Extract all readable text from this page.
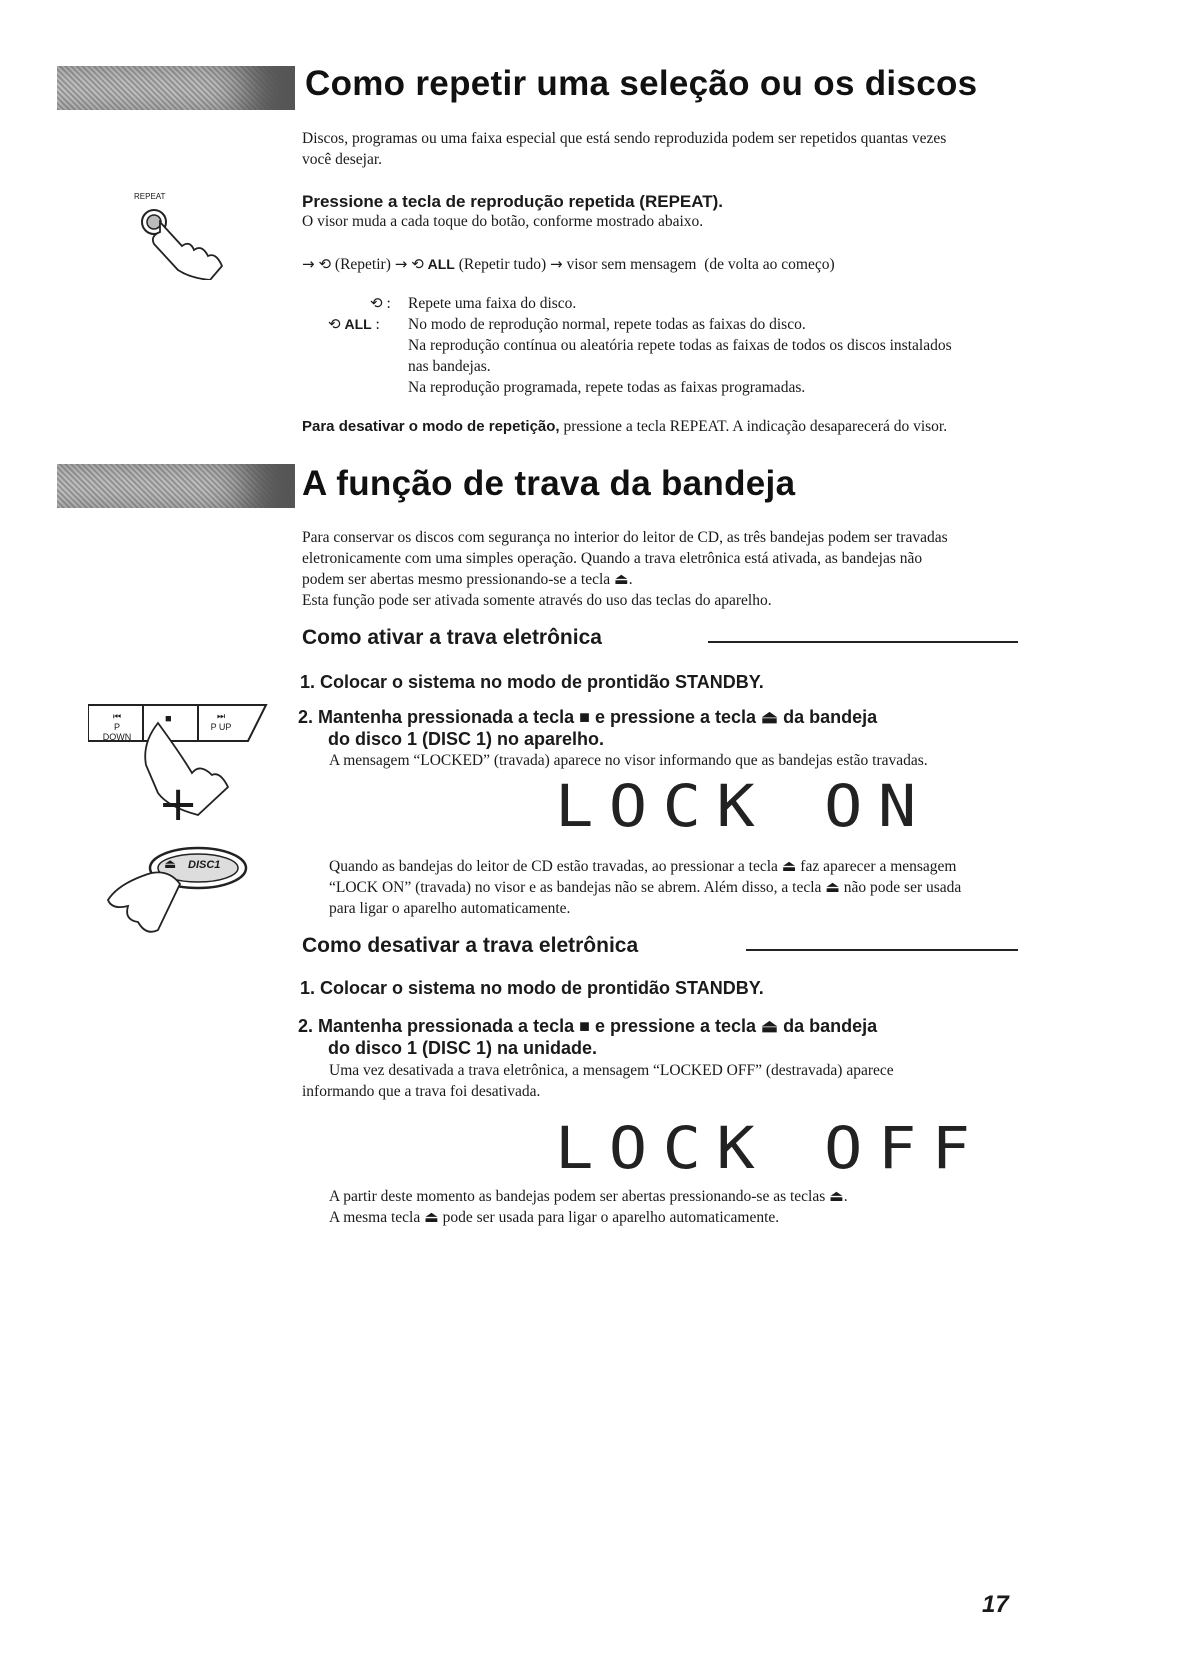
Como repetir uma seleção ou os discos
Discos, programas ou uma faixa especial que está sendo reproduzida podem ser repetidos quantas vezes
você desejar.
REPEAT	Pressione a tecla de reprodução repetida (REPEAT).
O visor muda a cada toque do botão, conforme mostrado abaixo.
→ ⟲ (Repetir) → ⟲ ALL (Repetir tudo) → visor sem mensagem (de volta ao começo)
⟲ : Repete uma faixa do disco.
⟲ ALL : No modo de reprodução normal, repete todas as faixas do disco.
Na reprodução contínua ou aleatória repete todas as faixas de todos os discos instalados
nas bandejas.
Na reprodução programada, repete todas as faixas programadas.
Para desativar o modo de repetição, pressione a tecla REPEAT. A indicação desaparecerá do visor.
A função de trava da bandeja
Para conservar os discos com segurança no interior do leitor de CD, as três bandejas podem ser travadas
eletronicamente com uma simples operação. Quando a trava eletrônica está ativada, as bandejas não
podem ser abertas mesmo pressionando-se a tecla ⏏.
Esta função pode ser ativada somente através do uso das teclas do aparelho.
Como ativar a trava eletrônica
1. Colocar o sistema no modo de prontidão STANDBY.
2. Mantenha pressionada a tecla ■ e pressione a tecla ⏏ da bandeja
do disco 1 (DISC 1) no aparelho.
A mensagem “LOCKED” (travada) aparece no visor informando que as bandejas estão travadas.
LOCK ON
Quando as bandejas do leitor de CD estão travadas, ao pressionar a tecla ⏏ faz aparecer a mensagem
“LOCK ON” (travada) no visor e as bandejas não se abrem. Além disso, a tecla ⏏ não pode ser usada
para ligar o aparelho automaticamente.
⏮
P DOWN
■	⏭
P UP
+
⏏ DISC1
Como desativar a trava eletrônica
1. Colocar o sistema no modo de prontidão STANDBY.
2. Mantenha pressionada a tecla ■ e pressione a tecla ⏏ da bandeja
do disco 1 (DISC 1) na unidade.
Uma vez desativada a trava eletrônica, a mensagem “LOCKED OFF” (destravada) aparece
informando que a trava foi desativada.
LOCK OFF
A partir deste momento as bandejas podem ser abertas pressionando-se as teclas ⏏.
A mesma tecla ⏏ pode ser usada para ligar o aparelho automaticamente.
17
